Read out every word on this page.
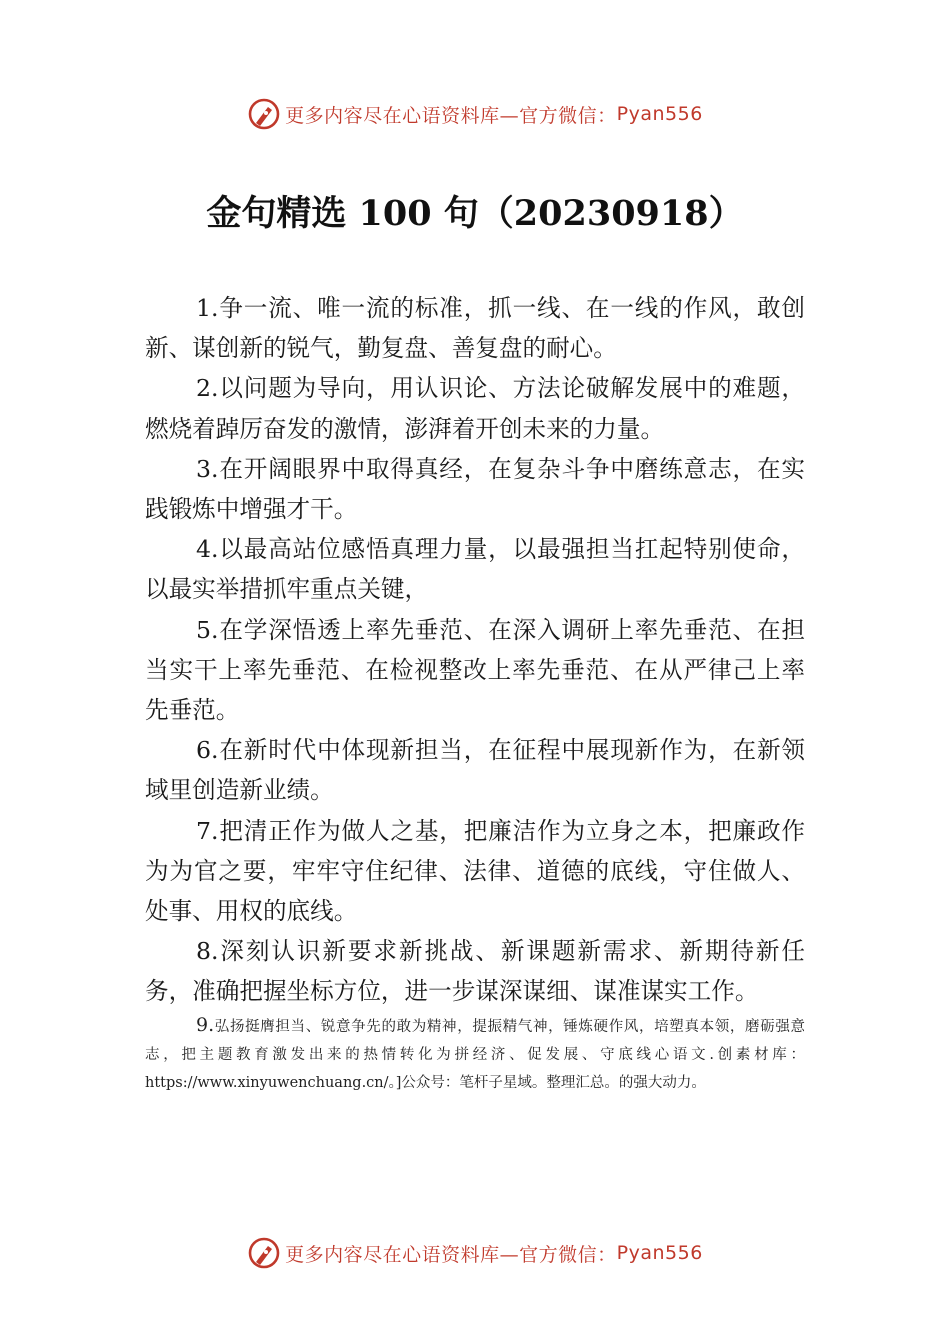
更多内容尽在心语资料库—官方微信： Pyan556
金句精选 100 句（20230918）

1.争一流、唯一流的标准，抓一线、在一线的作风，敢创新、谋创新的锐气，勤复盘、善复盘的耐心。

2.以问题为导向，用认识论、方法论破解发展中的难题，燃烧着踔厉奋发的激情，澎湃着开创未来的力量。

3.在开阔眼界中取得真经，在复杂斗争中磨练意志，在实践锻炼中增强才干。

4.以最高站位感悟真理力量，以最强担当扛起特别使命，以最实举措抓牢重点关键，

5.在学深悟透上率先垂范、在深入调研上率先垂范、在担当实干上率先垂范、在检视整改上率先垂范、在从严律己上率先垂范。

6.在新时代中体现新担当，在征程中展现新作为，在新领域里创造新业绩。

7.把清正作为做人之基，把廉洁作为立身之本，把廉政作为为官之要，牢牢守住纪律、法律、道德的底线，守住做人、处事、用权的底线。

8.深刻认识新要求新挑战、新课题新需求、新期待新任务，准确把握坐标方位，进一步谋深谋细、谋准谋实工作。

9.弘扬挺膺担当、锐意争先的敢为精神，提振精气神，锤炼硬作风，培塑真本领，磨砺强意志，把主题教育激发出来的热情转化为拼经济、促发展、守底线心语文.创素材库：https://www.xinyuwenchuang.cn/。]公众号：笔杆子星域。整理汇总。的强大动力。

更多内容尽在心语资料库—官方微信： Pyan556
